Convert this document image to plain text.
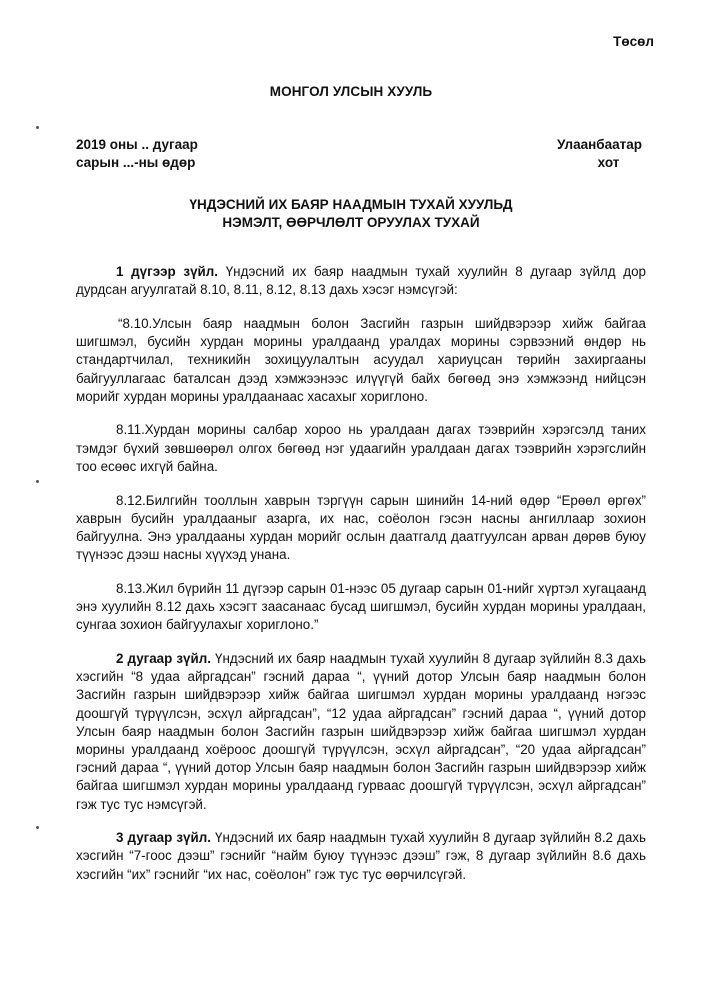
Төсөл
МОНГОЛ УЛСЫН ХУУЛЬ
2019 оны .. дугаар
сарын ...-ны өдөр
Улаанбаатар
хот
ҮНДЭСНИЙ ИХ БАЯР НААДМЫН ТУХАЙ ХУУЛЬД
НЭМЭЛТ, ӨӨРЧЛӨЛТ ОРУУЛАХ ТУХАЙ

1 дүгээр зүйл. Үндэсний их баяр наадмын тухай хуулийн 8 дугаар зүйлд дор дурдсан агуулгатай 8.10, 8.11, 8.12, 8.13 дахь хэсэг нэмсүгэй:

“8.10.Улсын баяр наадмын болон Засгийн газрын шийдвэрээр хийж байгаа шигшмэл, бусийн хурдан морины уралдаанд уралдах морины сэрвээний өндөр нь стандартчилал, техникийн зохицуулалтын асуудал хариуцсан төрийн захиргааны байгууллагаас баталсан дээд хэмжээнээс илүүгүй байх бөгөөд энэ хэмжээнд нийцсэн морийг хурдан морины уралдаанаас хасахыг хориглоно.

8.11.Хурдан морины салбар хороо нь уралдаан дагах тээврийн хэрэгсэлд таних тэмдэг бүхий зөвшөөрөл олгох бөгөөд нэг удаагийн уралдаан дагах тээврийн хэрэгслийн тоо есөөс ихгүй байна.

8.12.Билгийн тооллын хаврын тэргүүн сарын шинийн 14-ний өдөр “Ерөөл өргөх” хаврын бусийн уралдааныг азарга, их нас, соёолон гэсэн насны ангиллаар зохион байгуулна. Энэ уралдааны хурдан морийг ослын даатгалд даатгуулсан арван дөрөв буюу түүнээс дээш насны хүүхэд унана.

8.13.Жил бүрийн 11 дүгээр сарын 01-нээс 05 дугаар сарын 01-нийг хүртэл хугацаанд энэ хуулийн 8.12 дахь хэсэгт заасанаас бусад шигшмэл, бусийн хурдан морины уралдаан, сунгаа зохион байгуулахыг хориглоно.”

2 дугаар зүйл. Үндэсний их баяр наадмын тухай хуулийн 8 дугаар зүйлийн 8.3 дахь хэсгийн “8 удаа айргадсан” гэсний дараа “, үүний дотор Улсын баяр наадмын болон Засгийн газрын шийдвэрээр хийж байгаа шигшмэл хурдан морины уралдаанд нэгээс доошгүй түрүүлсэн, эсхүл айргадсан”, “12 удаа айргадсан” гэсний дараа “, үүний дотор Улсын баяр наадмын болон Засгийн газрын шийдвэрээр хийж байгаа шигшмэл хурдан морины уралдаанд хоёроос доошгүй түрүүлсэн, эсхүл айргадсан”, “20 удаа айргадсан” гэсний дараа “, үүний дотор Улсын баяр наадмын болон Засгийн газрын шийдвэрээр хийж байгаа шигшмэл хурдан морины уралдаанд гурваас доошгүй түрүүлсэн, эсхүл айргадсан” гэж тус тус нэмсүгэй.

3 дугаар зүйл. Үндэсний их баяр наадмын тухай хуулийн 8 дугаар зүйлийн 8.2 дахь хэсгийн “7-гоос дээш” гэснийг “найм буюу түүнээс дээш” гэж, 8 дугаар зүйлийн 8.6 дахь хэсгийн “их” гэснийг “их нас, соёолон” гэж тус тус өөрчилсүгэй.
